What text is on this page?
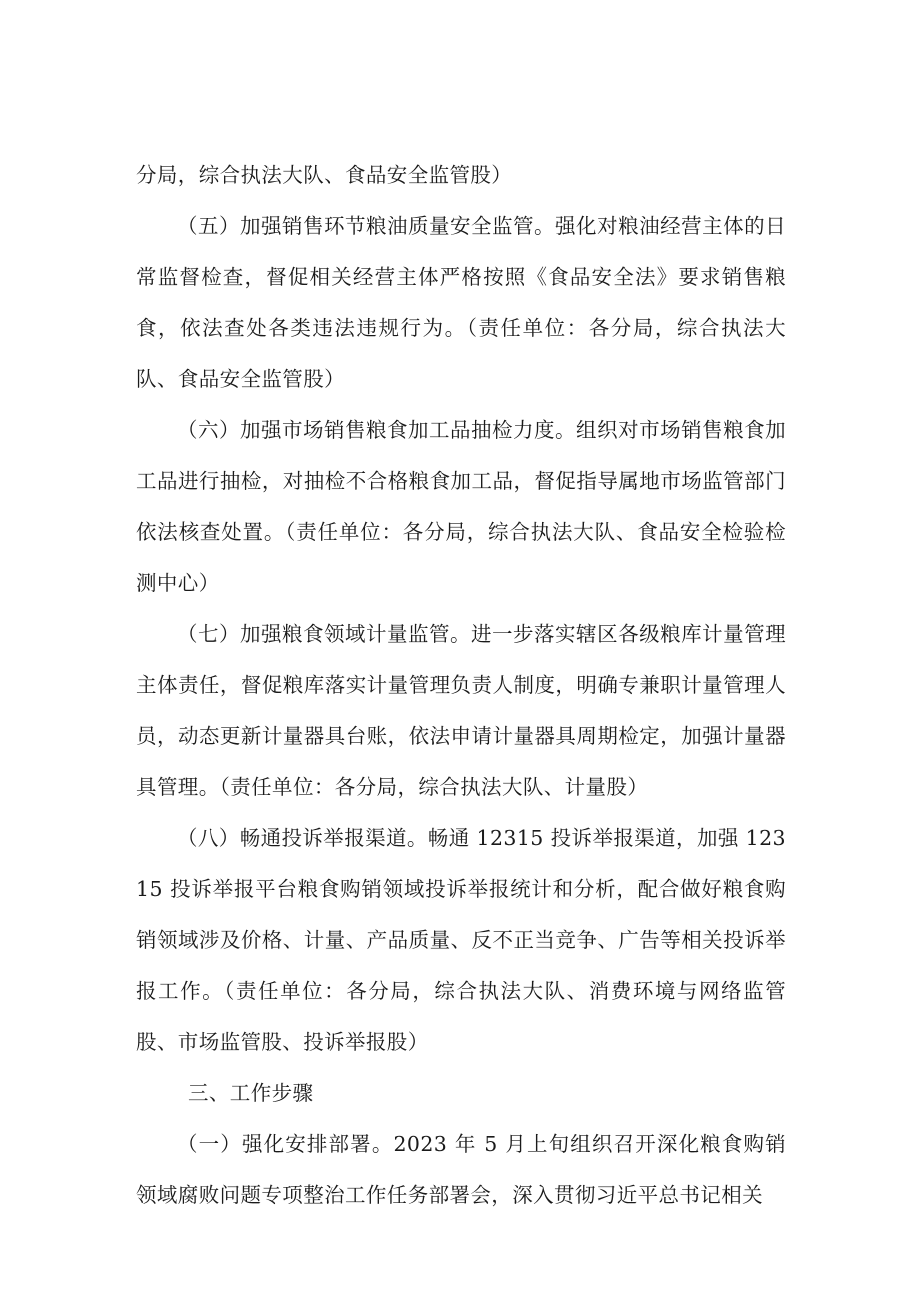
分局，综合执法大队、食品安全监管股）

（五）加强销售环节粮油质量安全监管。强化对粮油经营主体的日常监督检查，督促相关经营主体严格按照《食品安全法》要求销售粮食，依法查处各类违法违规行为。（责任单位：各分局，综合执法大队、食品安全监管股）

（六）加强市场销售粮食加工品抽检力度。组织对市场销售粮食加工品进行抽检，对抽检不合格粮食加工品，督促指导属地市场监管部门依法核查处置。（责任单位：各分局，综合执法大队、食品安全检验检测中心）

（七）加强粮食领域计量监管。进一步落实辖区各级粮库计量管理主体责任，督促粮库落实计量管理负责人制度，明确专兼职计量管理人员，动态更新计量器具台账，依法申请计量器具周期检定，加强计量器具管理。（责任单位：各分局，综合执法大队、计量股）

（八）畅通投诉举报渠道。畅通 12315 投诉举报渠道，加强 12315 投诉举报平台粮食购销领域投诉举报统计和分析，配合做好粮食购销领域涉及价格、计量、产品质量、反不正当竞争、广告等相关投诉举报工作。（责任单位：各分局，综合执法大队、消费环境与网络监管股、市场监管股、投诉举报股）

三、工作步骤

（一）强化安排部署。2023 年 5 月上旬组织召开深化粮食购销领域腐败问题专项整治工作任务部署会，深入贯彻习近平总书记相关
